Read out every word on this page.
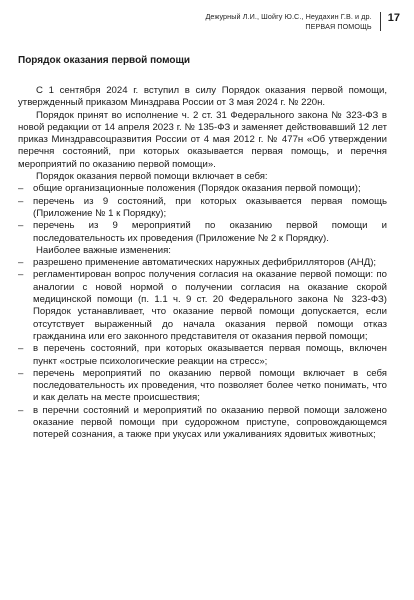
Дежурный Л.И., Шойгу Ю.С., Неудахин Г.В. и др.
ПЕРВАЯ ПОМОЩЬ
17

Порядок оказания первой помощи

С 1 сентября 2024 г. вступил в силу Порядок оказания первой помощи, утвержденный приказом Минздрава России от 3 мая 2024 г. № 220н.

Порядок принят во исполнение ч. 2 ст. 31 Федерального закона № 323-ФЗ в новой редакции от 14 апреля 2023 г. № 135-ФЗ и заменяет действовавший 12 лет приказ Минздравсоцразвития России от 4 мая 2012 г. № 477н «Об утверждении перечня состояний, при которых оказывается первая помощь, и перечня мероприятий по оказанию первой помощи».

Порядок оказания первой помощи включает в себя:

– общие организационные положения (Порядок оказания первой помощи);

– перечень из 9 состояний, при которых оказывается первая помощь (Приложение № 1 к Порядку);

– перечень из 9 мероприятий по оказанию первой помощи и последовательность их проведения (Приложение № 2 к Порядку).

Наиболее важные изменения:

– разрешено применение автоматических наружных дефибрилляторов (АНД);

– регламентирован вопрос получения согласия на оказание первой помощи: по аналогии с новой нормой о получении согласия на оказание скорой медицинской помощи (п. 1.1 ч. 9 ст. 20 Федерального закона № 323-ФЗ) Порядок устанавливает, что оказание первой помощи допускается, если отсутствует выраженный до начала оказания первой помощи отказ гражданина или его законного представителя от оказания первой помощи;

– в перечень состояний, при которых оказывается первая помощь, включен пункт «острые психологические реакции на стресс»;

– перечень мероприятий по оказанию первой помощи включает в себя последовательность их проведения, что позволяет более четко понимать, что и как делать на месте происшествия;

– в перечни состояний и мероприятий по оказанию первой помощи заложено оказание первой помощи при судорожном приступе, сопровождающемся потерей сознания, а также при укусах или ужаливаниях ядовитых животных;
